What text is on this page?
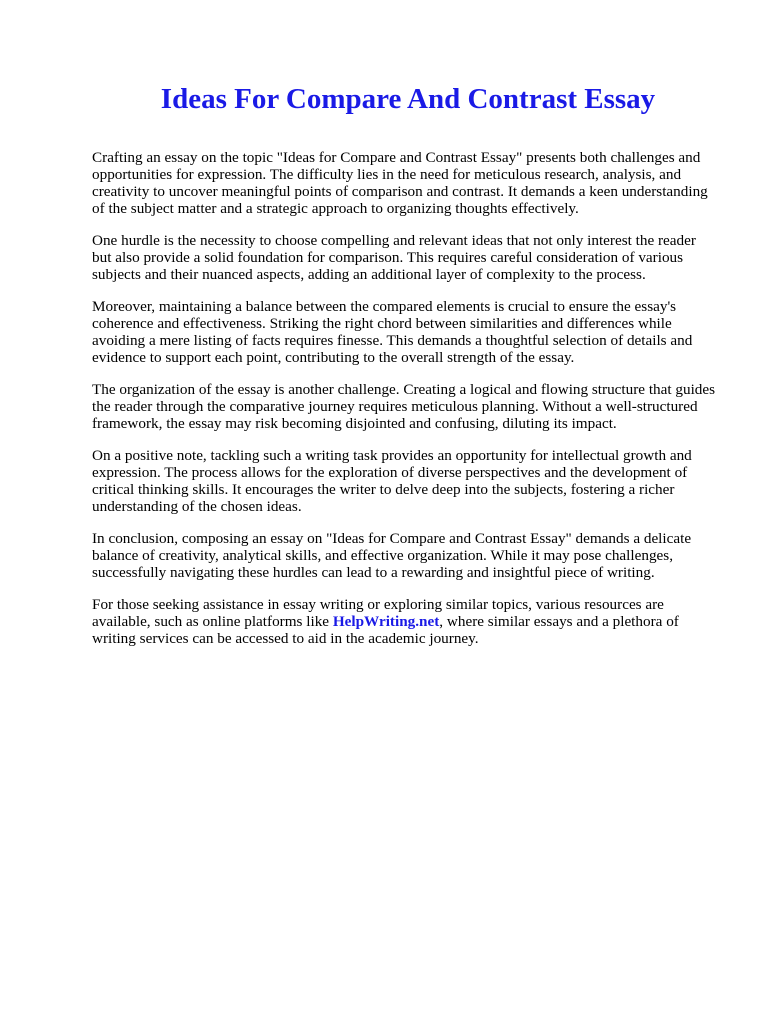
Ideas For Compare And Contrast Essay

Crafting an essay on the topic "Ideas for Compare and Contrast Essay" presents both challenges and opportunities for expression. The difficulty lies in the need for meticulous research, analysis, and creativity to uncover meaningful points of comparison and contrast. It demands a keen understanding of the subject matter and a strategic approach to organizing thoughts effectively.

One hurdle is the necessity to choose compelling and relevant ideas that not only interest the reader but also provide a solid foundation for comparison. This requires careful consideration of various subjects and their nuanced aspects, adding an additional layer of complexity to the process.

Moreover, maintaining a balance between the compared elements is crucial to ensure the essay's coherence and effectiveness. Striking the right chord between similarities and differences while avoiding a mere listing of facts requires finesse. This demands a thoughtful selection of details and evidence to support each point, contributing to the overall strength of the essay.

The organization of the essay is another challenge. Creating a logical and flowing structure that guides the reader through the comparative journey requires meticulous planning. Without a well-structured framework, the essay may risk becoming disjointed and confusing, diluting its impact.

On a positive note, tackling such a writing task provides an opportunity for intellectual growth and expression. The process allows for the exploration of diverse perspectives and the development of critical thinking skills. It encourages the writer to delve deep into the subjects, fostering a richer understanding of the chosen ideas.

In conclusion, composing an essay on "Ideas for Compare and Contrast Essay" demands a delicate balance of creativity, analytical skills, and effective organization. While it may pose challenges, successfully navigating these hurdles can lead to a rewarding and insightful piece of writing.

For those seeking assistance in essay writing or exploring similar topics, various resources are available, such as online platforms like HelpWriting.net, where similar essays and a plethora of writing services can be accessed to aid in the academic journey.
